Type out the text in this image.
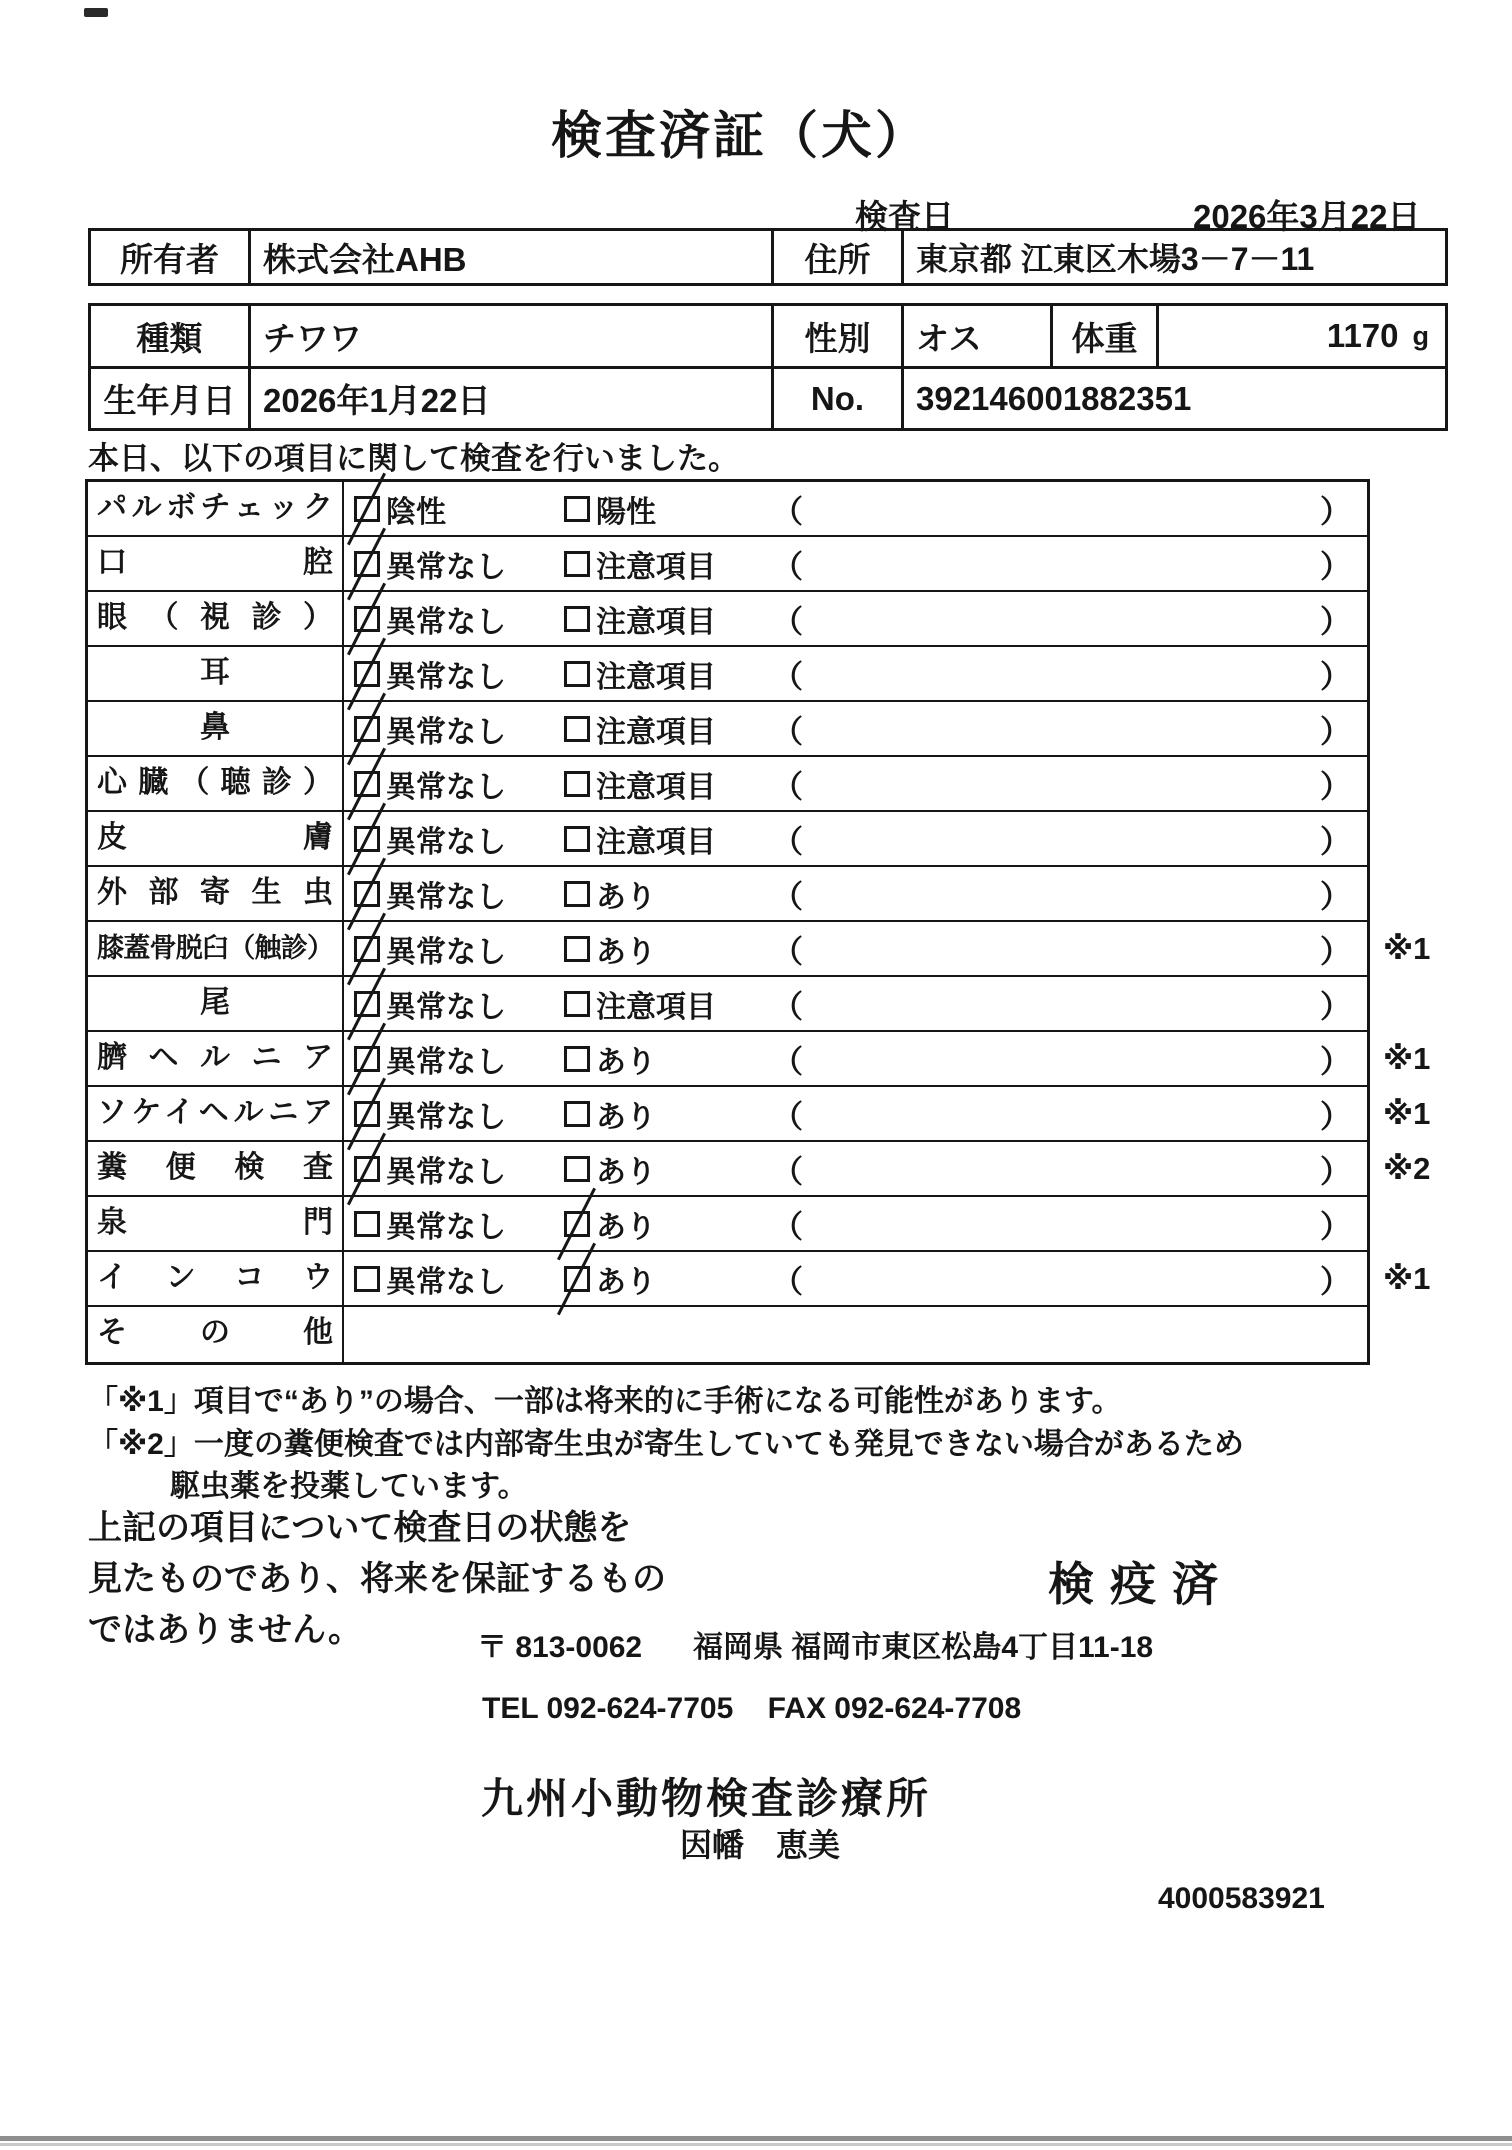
検査済証（犬）
検査日	2026年3月22日
所有者	株式会社AHB	住所	東京都 江東区木場3－7－11
種類	チワワ	性別	オス	体重	1170 g
生年月日 2026年1月22日	No.	392146001882351
本日、以下の項目に関して検査を行いました。
パルボチェック	陰性	陽性	（	）
口腔	異常なし	注意項目 （	）
眼（視診）	異常なし	注意項目 （	）
耳	異常なし	注意項目 （	）
鼻	異常なし	注意項目 （	）
心臓（聴診）	異常なし	注意項目 （	）
皮膚	異常なし	注意項目 （	）
外部寄生虫	異常なし	あり	（	）
膝蓋骨脱臼（触診）	異常なし	あり	（	） ※1
尾	異常なし	注意項目 （	）
臍ヘルニア	異常なし	あり	（	） ※1
ソケイヘルニア	異常なし	あり	（	） ※1
糞便検査	異常なし	あり	（	） ※2
泉門	異常なし	あり	（	）
インコウ	異常なし	あり	（	） ※1
その他
「※1」項目で“あり”の場合、一部は将来的に手術になる可能性があります。
「※2」一度の糞便検査では内部寄生虫が寄生していても発見できない場合があるため
駆虫薬を投薬しています。
上記の項目について検査日の状態を
見たものであり、将来を保証するもの
ではありません。
検疫済
〒 813-0062 福岡県 福岡市東区松島4丁目11-18
TEL 092-624-7705 FAX 092-624-7708
九州小動物検査診療所
因幡　恵美
4000583921
